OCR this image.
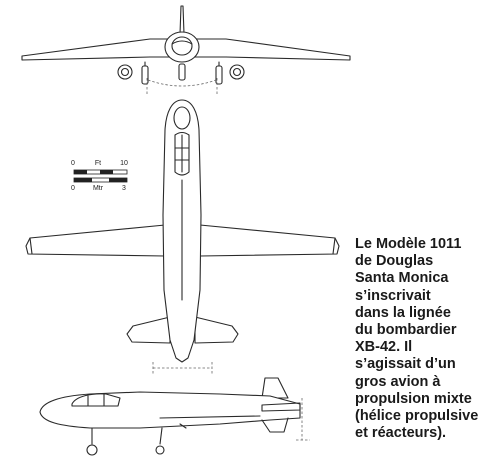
0	Ft	10
0	Mtr	3
Le Modèle 1011
de Douglas
Santa Monica
s’inscrivait
dans la lignée
du bombardier
XB-42. Il
s’agissait d’un
gros avion à
propulsion mixte
(hélice propulsive
et réacteurs).
